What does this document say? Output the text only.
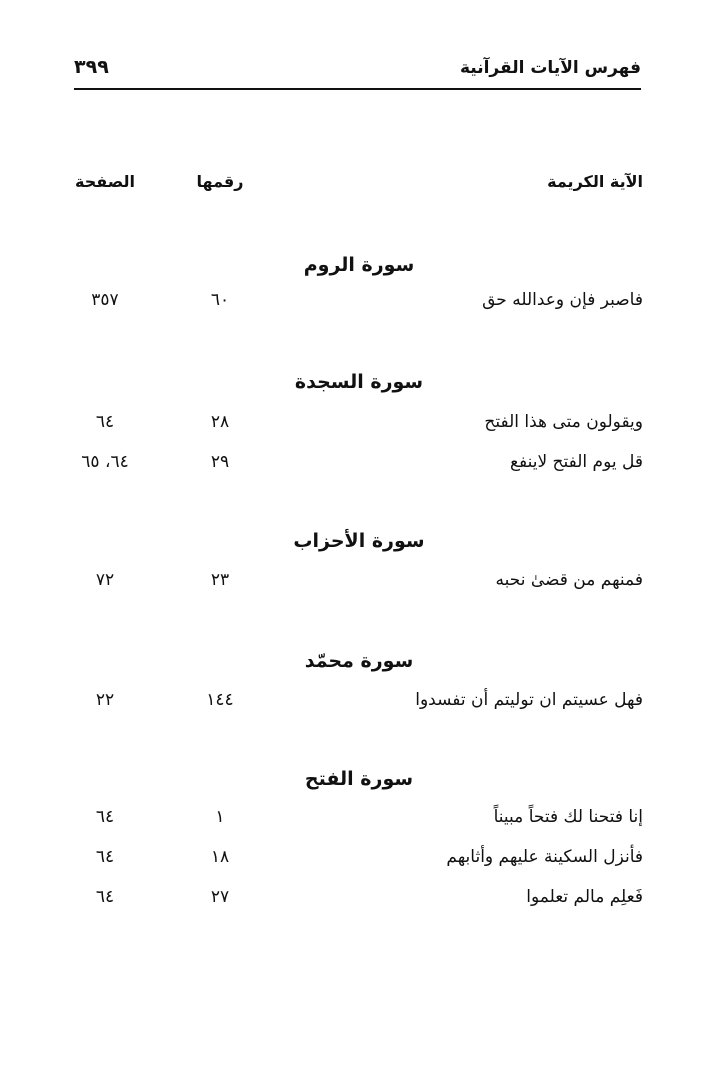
فهرس الآيات القرآنية
٣٩٩
الآية الكريمة
رقمها
الصفحة
سورة الروم
فاصبر فإن وعدالله حق
٦٠
٣٥٧
سورة السجدة
ويقولون متى هذا الفتح
٢٨
٦٤
قل يوم الفتح لاينفع
٢٩
٦٤، ٦٥
سورة الأحزاب
فمنهم من قضىٰ نحبه
٢٣
٧٢
سورة محمّد
فهل عسيتم ان توليتم أن تفسدوا
١٤٤
٢٢
سورة الفتح
إنا فتحنا لك فتحاً مبيناً
١
٦٤
فأنزل السكينة عليهم وأثابهم
١٨
٦٤
فَعلِم مالم تعلموا
٢٧
٦٤
